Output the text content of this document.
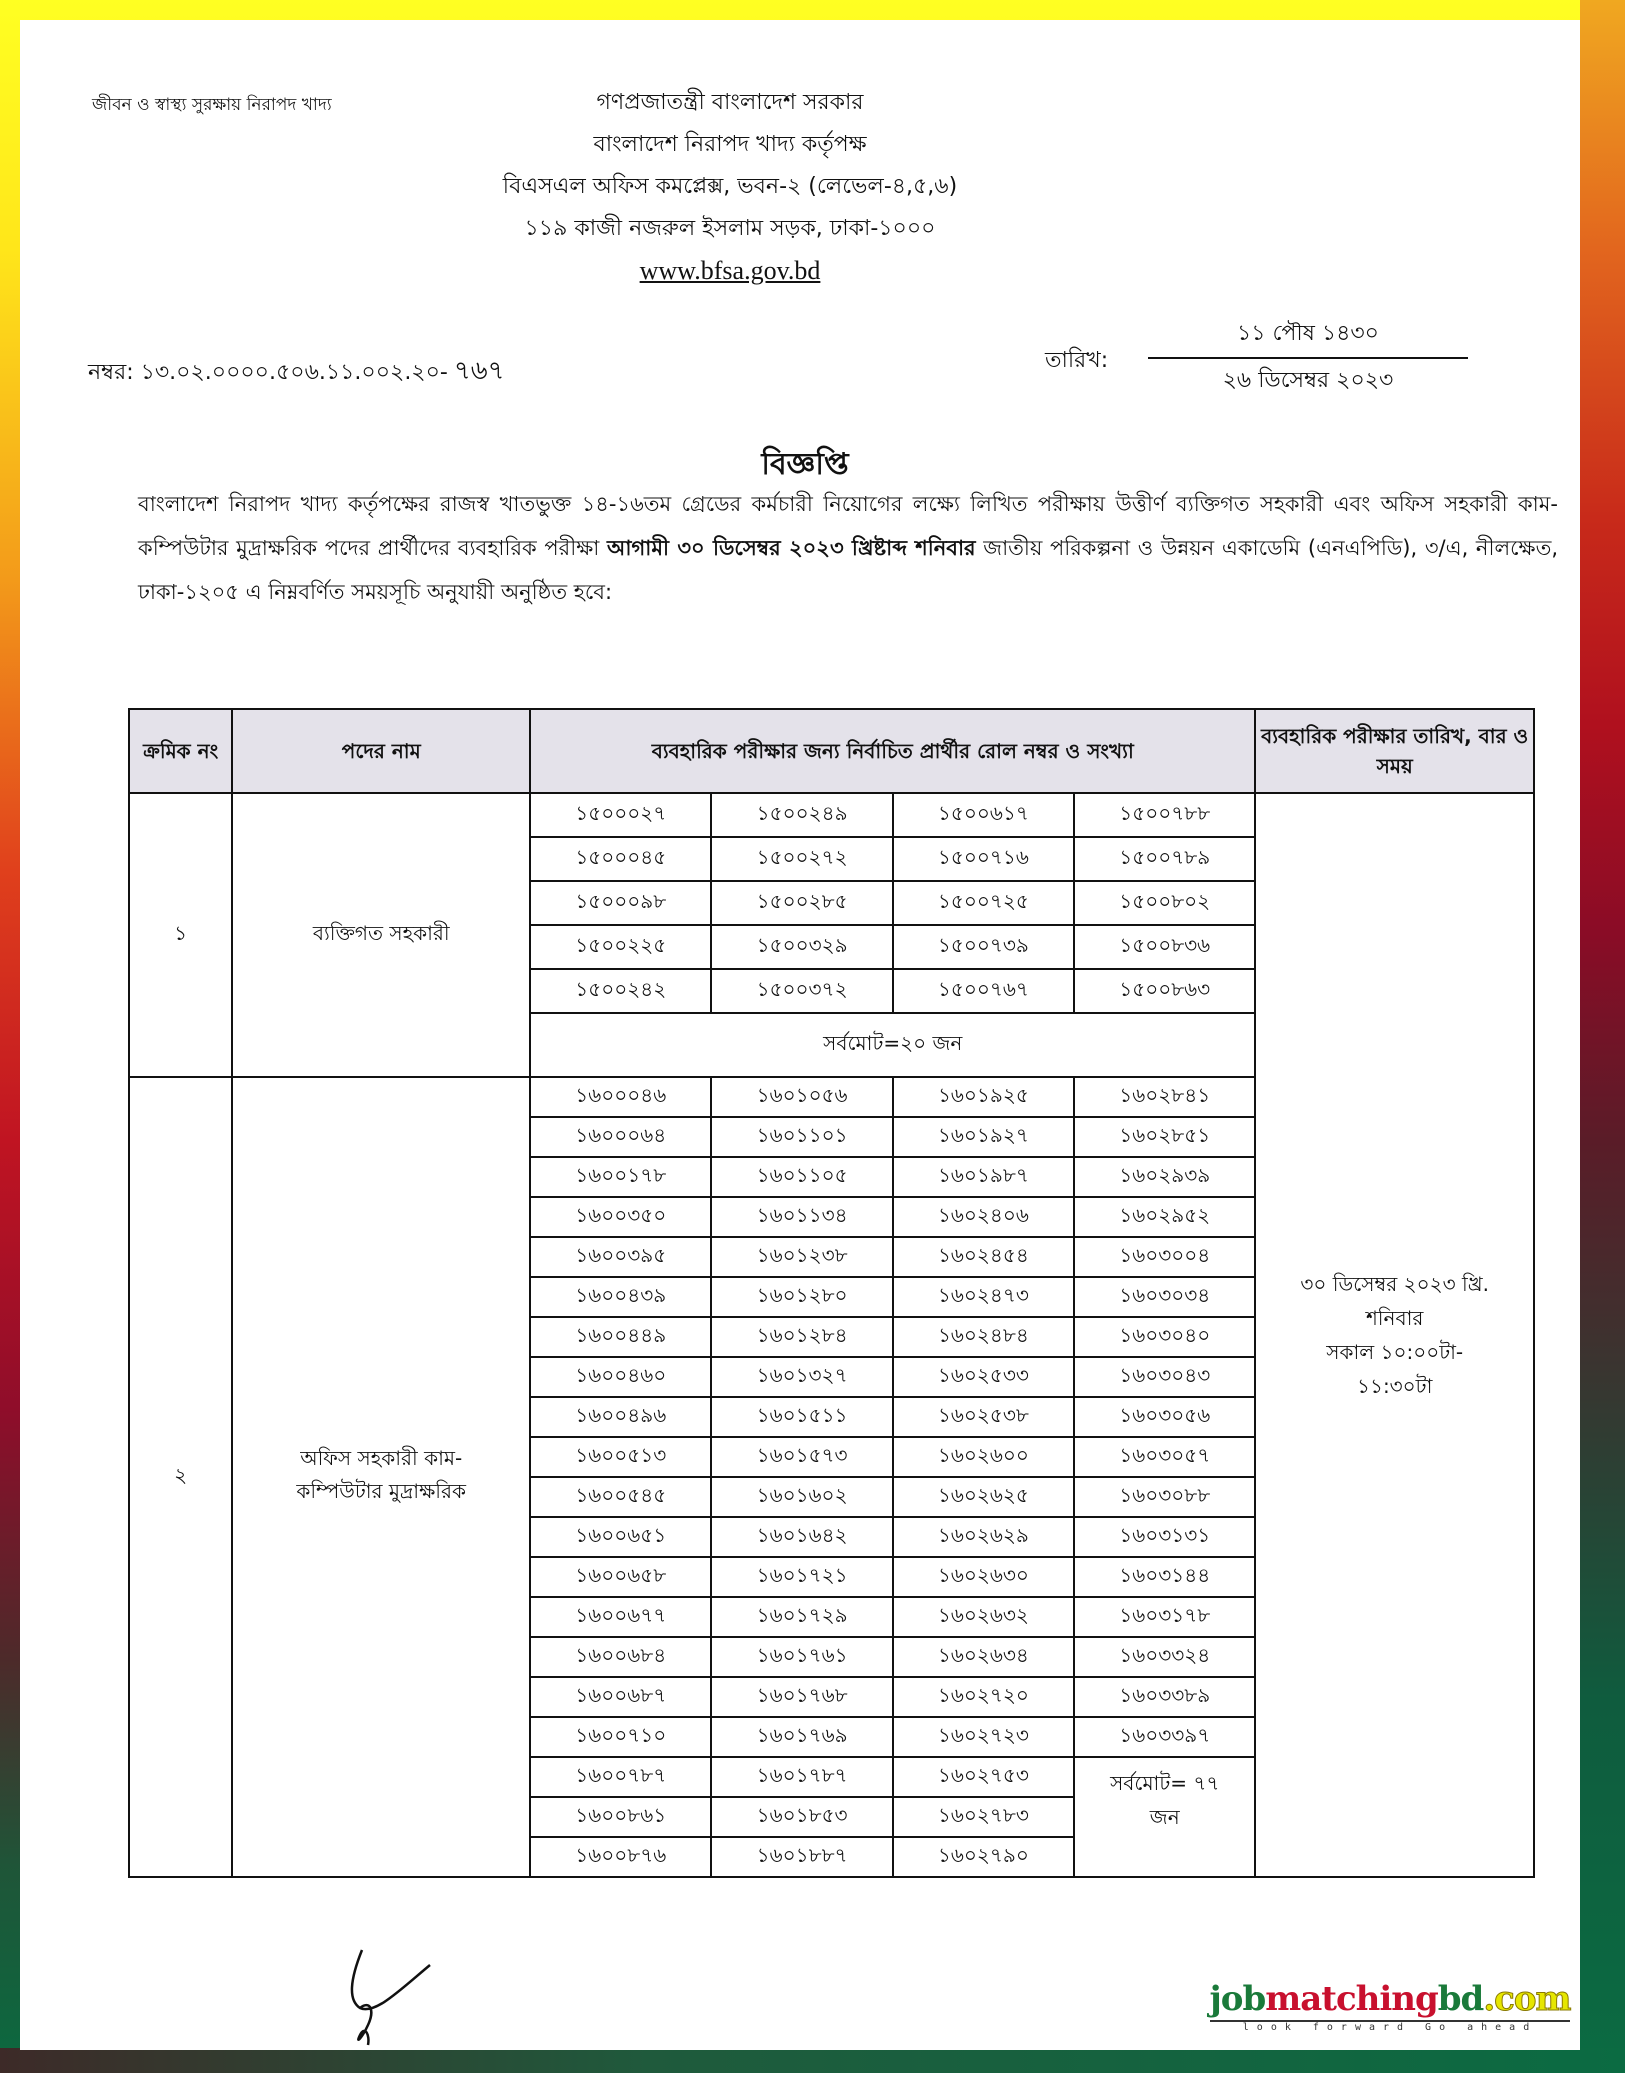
জীবন ও স্বাস্থ্য সুরক্ষায় নিরাপদ খাদ্য	গণপ্রজাতন্ত্রী বাংলাদেশ সরকার
বাংলাদেশ নিরাপদ খাদ্য কর্তৃপক্ষ
বিএসএল অফিস কমপ্লেক্স, ভবন-২ (লেভেল-৪,৫,৬)
১১৯ কাজী নজরুল ইসলাম সড়ক, ঢাকা-১০০০
www.bfsa.gov.bd
নম্বর: ১৩.০২.০০০০.৫০৬.১১.০০২.২০- ৭৬৭	তারিখ:
১১ পৌষ ১৪৩০
২৬ ডিসেম্বর ২০২৩
বিজ্ঞপ্তি
বাংলাদেশ নিরাপদ খাদ্য কর্তৃপক্ষের রাজস্ব খাতভুক্ত ১৪-১৬তম গ্রেডের কর্মচারী নিয়োগের লক্ষ্যে লিখিত পরীক্ষায় উত্তীর্ণ ব্যক্তিগত সহকারী এবং অফিস সহকারী কাম-কম্পিউটার মুদ্রাক্ষরিক পদের প্রার্থীদের ব্যবহারিক পরীক্ষা আগামী ৩০ ডিসেম্বর ২০২৩ খ্রিষ্টাব্দ শনিবার জাতীয় পরিকল্পনা ও উন্নয়ন একাডেমি (এনএপিডি), ৩/এ, নীলক্ষেত, ঢাকা-১২০৫ এ নিম্নবর্ণিত সময়সূচি অনুযায়ী অনুষ্ঠিত হবে:
ক্রমিক নং	পদের নাম	ব্যবহারিক পরীক্ষার জন্য নির্বাচিত প্রার্থীর রোল নম্বর ও সংখ্যা				ব্যবহারিক পরীক্ষার তারিখ, বার ও সময়
১	ব্যক্তিগত সহকারী	১৫০০০২৭	১৫০০২৪৯	১৫০০৬১৭	১৫০০৭৮৮	৩০ ডিসেম্বর ২০২৩ খ্রি.
শনিবার
সকাল ১০:০০টা-
১১:৩০টা

		১৫০০০৪৫	১৫০০২৭২	১৫০০৭১৬	১৫০০৭৮৯	
		১৫০০০৯৮	১৫০০২৮৫	১৫০০৭২৫	১৫০০৮০২	
		১৫০০২২৫	১৫০০৩২৯	১৫০০৭৩৯	১৫০০৮৩৬	
		১৫০০২৪২	১৫০০৩৭২	১৫০০৭৬৭	১৫০০৮৬৩	
		সর্বমোট=২০ জন				
২	অফিস সহকারী কাম-
কম্পিউটার মুদ্রাক্ষরিক	১৬০০০৪৬	১৬০১০৫৬	১৬০১৯২৫	১৬০২৮৪১	
		১৬০০০৬৪	১৬০১১০১	১৬০১৯২৭	১৬০২৮৫১	
		১৬০০১৭৮	১৬০১১০৫	১৬০১৯৮৭	১৬০২৯৩৯	
		১৬০০৩৫০	১৬০১১৩৪	১৬০২৪০৬	১৬০২৯৫২	
		১৬০০৩৯৫	১৬০১২৩৮	১৬০২৪৫৪	১৬০৩০০৪	
		১৬০০৪৩৯	১৬০১২৮০	১৬০২৪৭৩	১৬০৩০৩৪	
		১৬০০৪৪৯	১৬০১২৮৪	১৬০২৪৮৪	১৬০৩০৪০	
		১৬০০৪৬০	১৬০১৩২৭	১৬০২৫৩৩	১৬০৩০৪৩	
		১৬০০৪৯৬	১৬০১৫১১	১৬০২৫৩৮	১৬০৩০৫৬	
		১৬০০৫১৩	১৬০১৫৭৩	১৬০২৬০০	১৬০৩০৫৭	
		১৬০০৫৪৫	১৬০১৬০২	১৬০২৬২৫	১৬০৩০৮৮	
		১৬০০৬৫১	১৬০১৬৪২	১৬০২৬২৯	১৬০৩১৩১	
		১৬০০৬৫৮	১৬০১৭২১	১৬০২৬৩০	১৬০৩১৪৪	
		১৬০০৬৭৭	১৬০১৭২৯	১৬০২৬৩২	১৬০৩১৭৮	
		১৬০০৬৮৪	১৬০১৭৬১	১৬০২৬৩৪	১৬০৩৩২৪	
		১৬০০৬৮৭	১৬০১৭৬৮	১৬০২৭২০	১৬০৩৩৮৯	
		১৬০০৭১০	১৬০১৭৬৯	১৬০২৭২৩	১৬০৩৩৯৭	
		১৬০০৭৮৭	১৬০১৭৮৭	১৬০২৭৫৩	সর্বমোট= ৭৭
জন	

		১৬০০৮৬১	১৬০১৮৫৩	১৬০২৭৮৩		
		১৬০০৮৭৬	১৬০১৮৮৭	১৬০২৭৯০		
jobmatchingbd.com
look forward Go ahead
